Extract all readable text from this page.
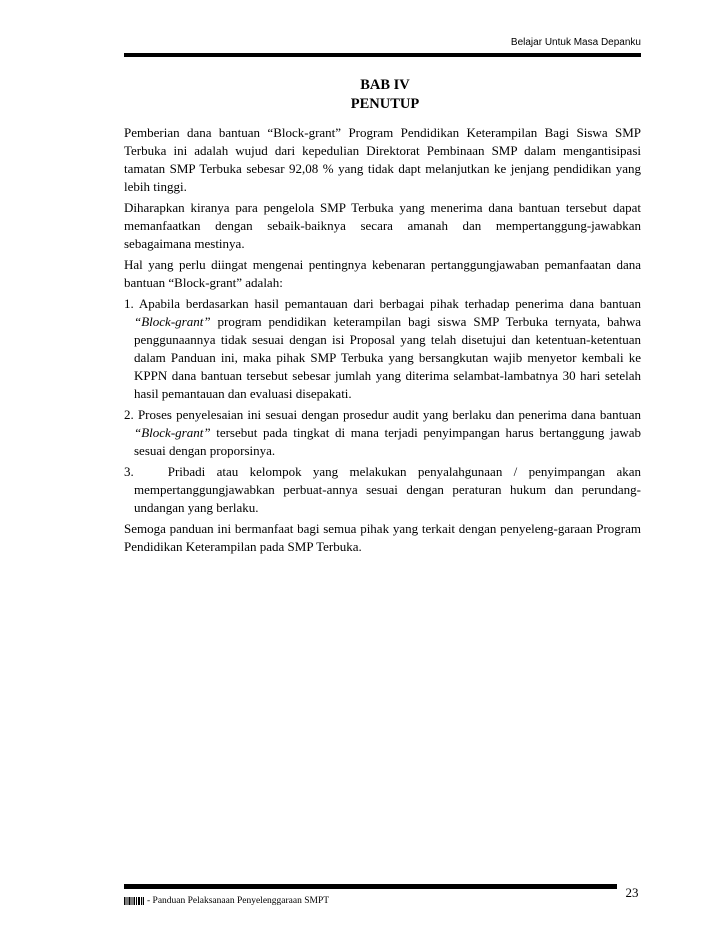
Belajar Untuk Masa Depanku
BAB IV
PENUTUP

Pemberian dana bantuan “Block-grant” Program Pendidikan Keterampilan Bagi Siswa SMP Terbuka ini adalah wujud dari kepedulian Direktorat Pembinaan SMP dalam mengantisipasi tamatan SMP Terbuka sebesar 92,08 % yang tidak dapt melanjutkan ke jenjang pendidikan yang lebih tinggi.

Diharapkan kiranya para pengelola SMP Terbuka yang menerima dana bantuan tersebut dapat memanfaatkan dengan sebaik-baiknya secara amanah dan mempertanggung-jawabkan sebagaimana mestinya.

Hal yang perlu diingat mengenai pentingnya kebenaran pertanggungjawaban pemanfaatan dana bantuan “Block-grant” adalah:

1. Apabila berdasarkan hasil pemantauan dari berbagai pihak terhadap penerima dana bantuan “Block-grant” program pendidikan keterampilan bagi siswa SMP Terbuka ternyata, bahwa penggunaannya tidak sesuai dengan isi Proposal yang telah disetujui dan ketentuan-ketentuan dalam Panduan ini, maka pihak SMP Terbuka yang bersangkutan wajib menyetor kembali ke KPPN dana bantuan tersebut sebesar jumlah yang diterima selambat-lambatnya 30 hari setelah hasil pemantauan dan evaluasi disepakati.
2. Proses penyelesaian ini sesuai dengan prosedur audit yang berlaku dan penerima dana bantuan “Block-grant” tersebut pada tingkat di mana terjadi penyimpangan harus bertanggung jawab sesuai dengan proporsinya.
3.	Pribadi atau kelompok yang melakukan penyalahgunaan / penyimpangan akan mempertanggungjawabkan perbuat-annya sesuai dengan peraturan hukum dan perundang-undangan yang berlaku.

Semoga panduan ini bermanfaat bagi semua pihak yang terkait dengan penyeleng-garaan Program Pendidikan Keterampilan pada SMP Terbuka.

- Panduan Pelaksanaan Penyelenggaraan SMPT
23
